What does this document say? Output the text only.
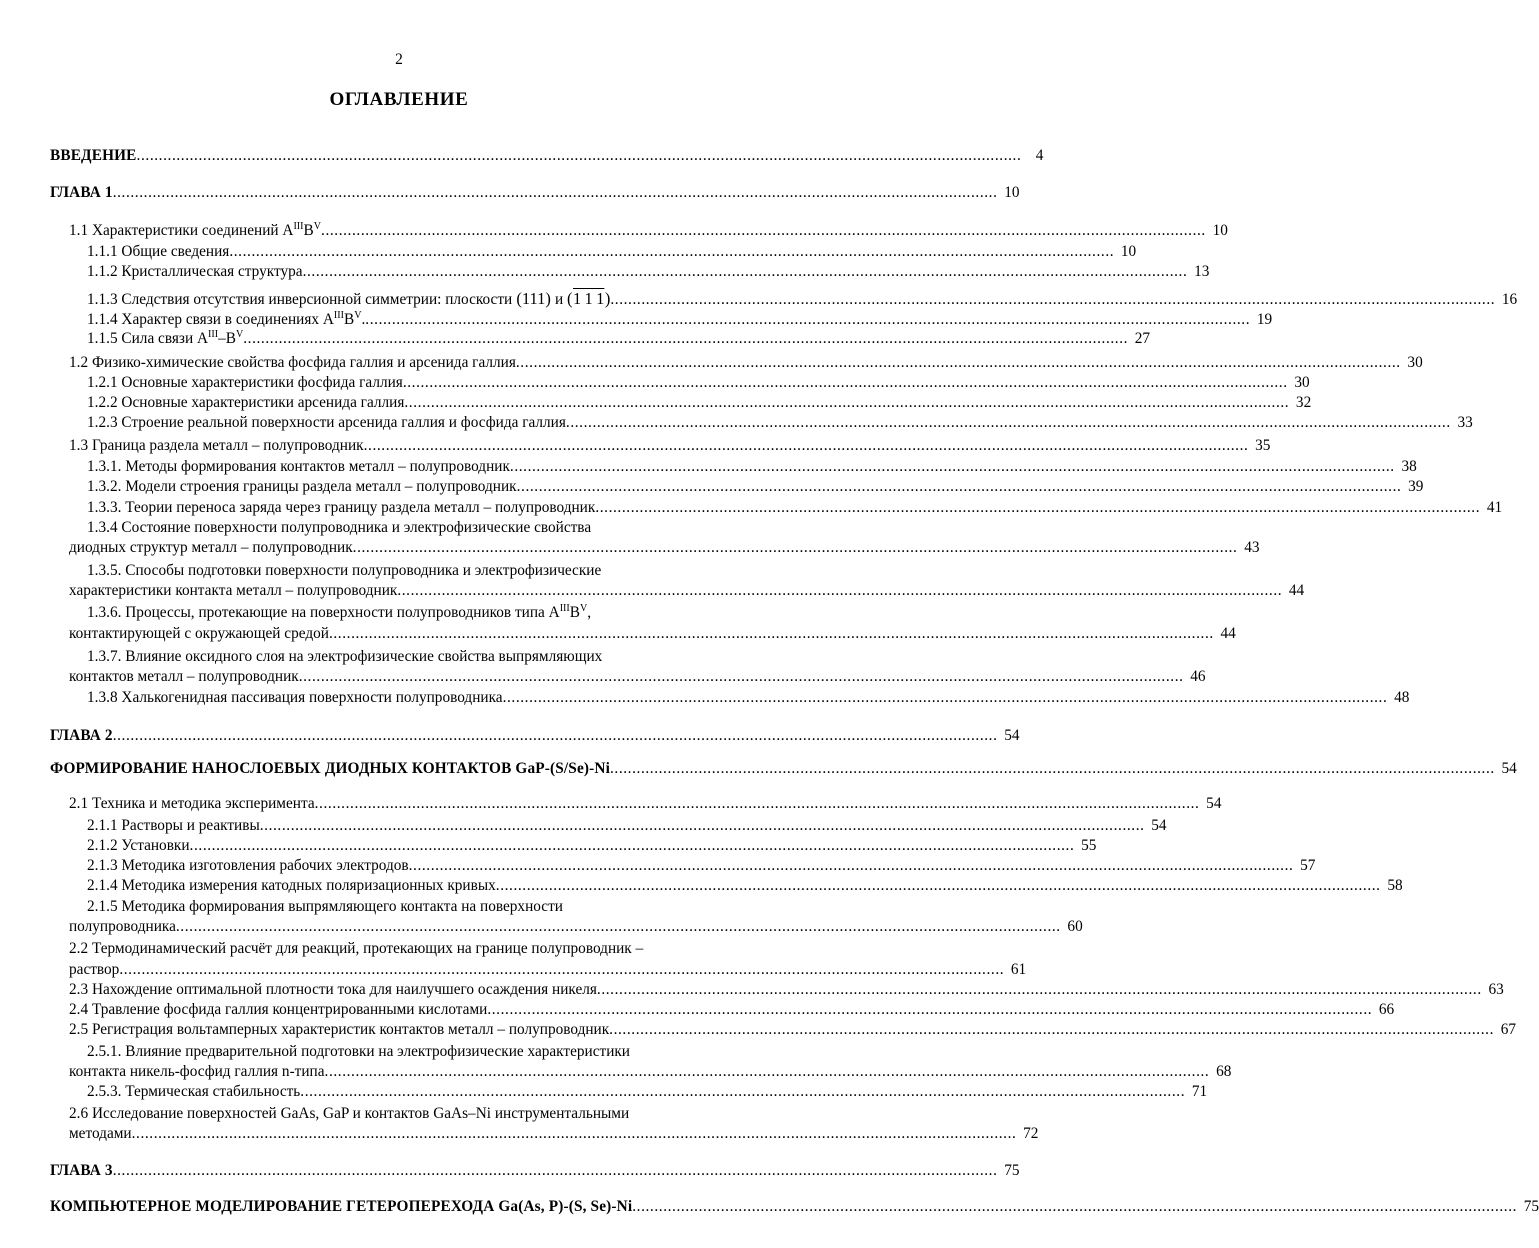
2
ОГЛАВЛЕНИЕ
ВВЕДЕНИЕ .....	4
ГЛАВА 1 .....	10
1.1 Характеристики соединений $A^{III}B^V$ .....	10
1.1.1 Общие сведения .....	10
1.1.2 Кристаллическая структура .....	13
1.1.3 Следствия отсутствия инверсионной симметрии: плоскости (111) и (1 1 1) .....	16
1.1.4 Характер связи в соединениях $A^{III}B^V$. .....	19
1.1.5 Сила связи $A^{III}-B^V$ .....	27
1.2 Физико-химические свойства фосфида галлия и арсенида галлия .....	30
1.2.1 Основные характеристики фосфида галлия .....	30
1.2.2 Основные характеристики арсенида галлия .....	32
1.2.3 Строение реальной поверхности арсенида галлия и фосфида галлия .....	33
1.3 Граница раздела металл – полупроводник .....	35
1.3.1. Методы формирования контактов металл – полупроводник .....	38
1.3.2. Модели строения границы раздела металл – полупроводник .....	39
1.3.3. Теории переноса заряда через границу раздела металл – полупроводник .....	41
1.3.4 Состояние поверхности полупроводника и электрофизические свойства
диодных структур металл – полупроводник .....	43
1.3.5. Способы подготовки поверхности полупроводника и электрофизические
характеристики контакта металл – полупроводник .....	44
1.3.6. Процессы, протекающие на поверхности полупроводников типа $A^{III}B^V$,
контактирующей с окружающей средой .....	44
1.3.7. Влияние оксидного слоя на электрофизические свойства выпрямляющих
контактов металл – полупроводник .....	46
1.3.8 Халькогенидная пассивация поверхности полупроводника .....	48
ГЛАВА 2 .....	54
ФОРМИРОВАНИЕ НАНОСЛОЕВЫХ ДИОДНЫХ КОНТАКТОВ GaP-(S/Se)-Ni .....	54
2.1 Техника и методика эксперимента .....	54
2.1.1 Растворы и реактивы .....	54
2.1.2 Установки .....	55
2.1.3 Методика изготовления рабочих электродов .....	57
2.1.4 Методика измерения катодных поляризационных кривых .....	58
2.1.5 Методика формирования выпрямляющего контакта на поверхности
полупроводника .....	60
2.2 Термодинамический расчёт для реакций, протекающих на границе полупроводник –
раствор .....	61
2.3 Нахождение оптимальной плотности тока для наилучшего осаждения никеля .....	63
2.4 Травление фосфида галлия концентрированными кислотами .....	66
2.5 Регистрация вольтамперных характеристик контактов металл – полупроводник .....	67
2.5.1. Влияние предварительной подготовки на электрофизические характеристики
контакта никель-фосфид галлия n-типа .....	68
2.5.3. Термическая стабильность .....	71
2.6 Исследование поверхностей GaAs, GaP и контактов GaAs–Ni инструментальными
методами .....	72
ГЛАВА 3 .....	75
КОМПЬЮТЕРНОЕ МОДЕЛИРОВАНИЕ ГЕТЕРОПЕРЕХОДА Ga(As, P)-(S, Se)-Ni .....	75
